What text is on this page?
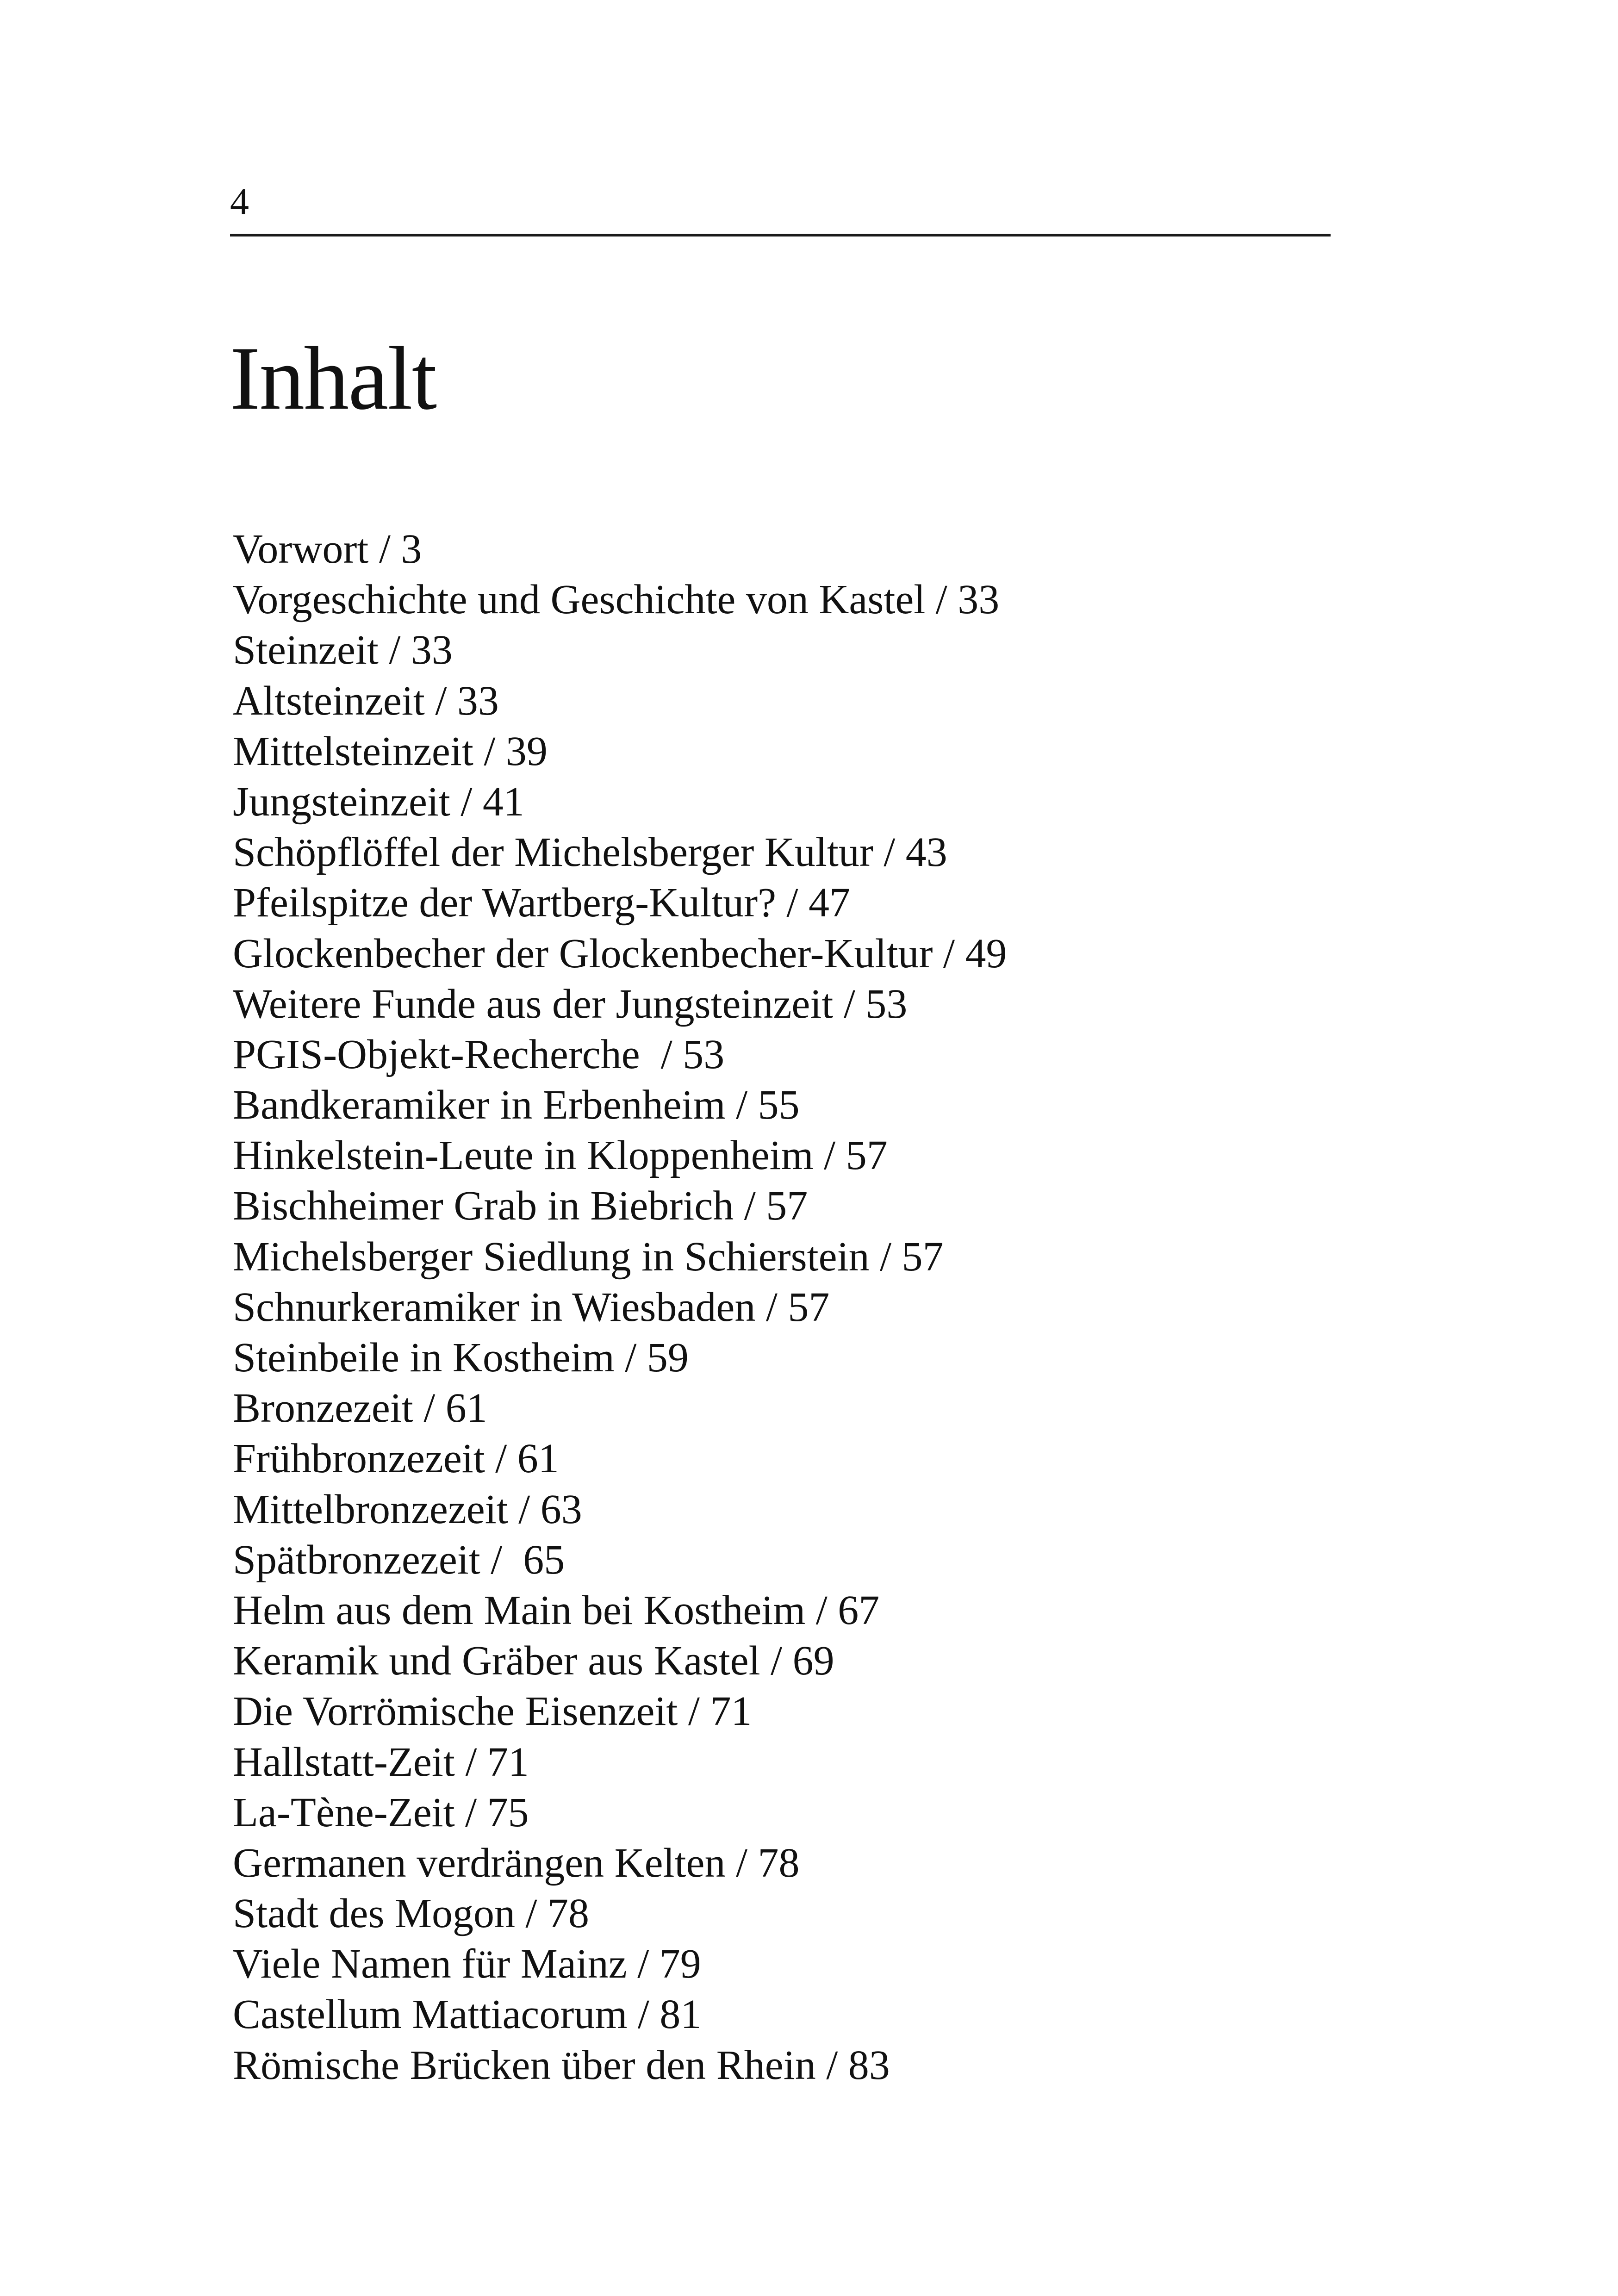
4
Inhalt
Vorwort / 3
Vorgeschichte und Geschichte von Kastel / 33
Steinzeit / 33
Altsteinzeit / 33
Mittelsteinzeit / 39
Jungsteinzeit / 41
Schöpflöffel der Michelsberger Kultur / 43
Pfeilspitze der Wartberg-Kultur? / 47
Glockenbecher der Glockenbecher-Kultur / 49
Weitere Funde aus der Jungsteinzeit / 53
PGIS-Objekt-Recherche  / 53
Bandkeramiker in Erbenheim / 55
Hinkelstein-Leute in Kloppenheim / 57
Bischheimer Grab in Biebrich / 57
Michelsberger Siedlung in Schierstein / 57
Schnurkeramiker in Wiesbaden / 57
Steinbeile in Kostheim / 59
Bronzezeit / 61
Frühbronzezeit / 61
Mittelbronzezeit / 63
Spätbronzezeit /  65
Helm aus dem Main bei Kostheim / 67
Keramik und Gräber aus Kastel / 69
Die Vorrömische Eisenzeit / 71
Hallstatt-Zeit / 71
La-Tène-Zeit / 75
Germanen verdrängen Kelten / 78
Stadt des Mogon / 78
Viele Namen für Mainz / 79
Castellum Mattiacorum / 81
Römische Brücken über den Rhein / 83
